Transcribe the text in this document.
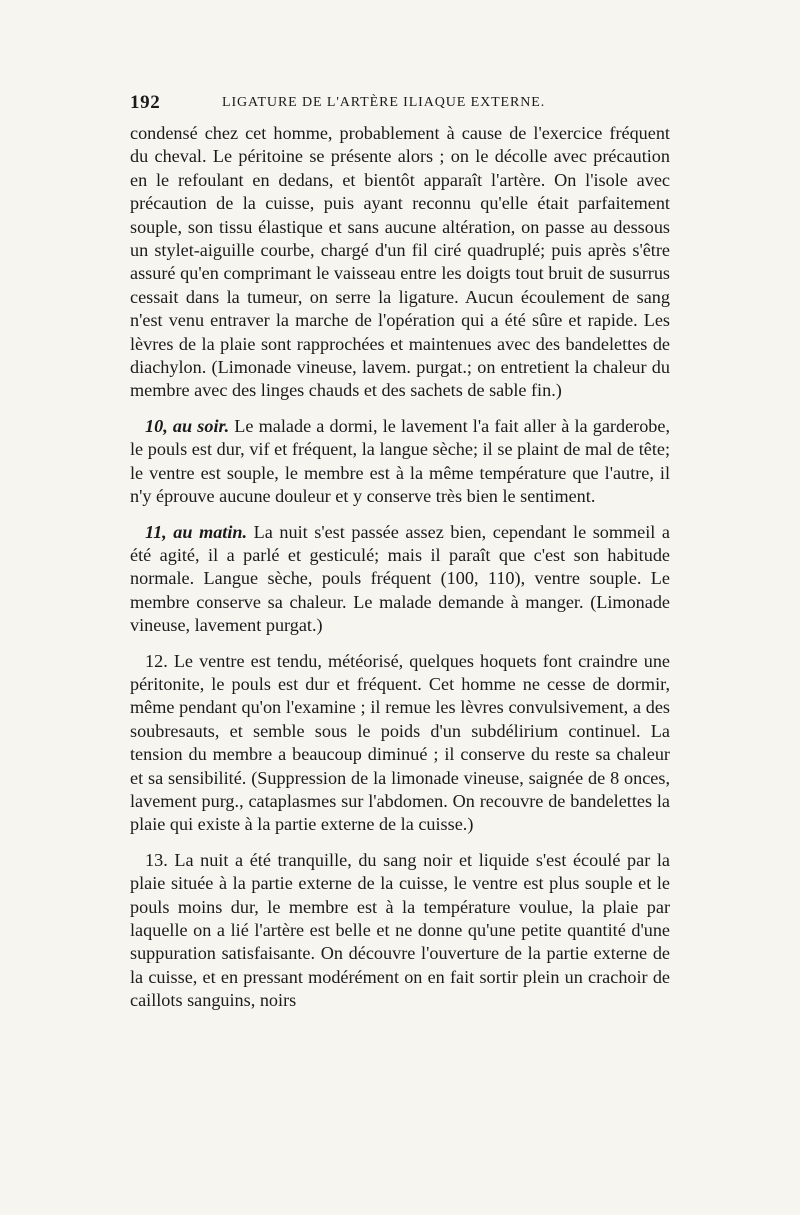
192	LIGATURE DE L'ARTÈRE ILIAQUE EXTERNE.

condensé chez cet homme, probablement à cause de l'exercice fréquent du cheval. Le péritoine se présente alors ; on le décolle avec précaution en le refoulant en dedans, et bientôt apparaît l'artère. On l'isole avec précaution de la cuisse, puis ayant reconnu qu'elle était parfaitement souple, son tissu élastique et sans aucune altération, on passe au dessous un stylet-aiguille courbe, chargé d'un fil ciré quadruplé; puis après s'être assuré qu'en comprimant le vaisseau entre les doigts tout bruit de susurrus cessait dans la tumeur, on serre la ligature. Aucun écoulement de sang n'est venu entraver la marche de l'opération qui a été sûre et rapide. Les lèvres de la plaie sont rapprochées et maintenues avec des bandelettes de diachylon. (Limonade vineuse, lavem. purgat.; on entretient la chaleur du membre avec des linges chauds et des sachets de sable fin.)

10, au soir. Le malade a dormi, le lavement l'a fait aller à la garderobe, le pouls est dur, vif et fréquent, la langue sèche; il se plaint de mal de tête; le ventre est souple, le membre est à la même température que l'autre, il n'y éprouve aucune douleur et y conserve très bien le sentiment.

11, au matin. La nuit s'est passée assez bien, cependant le sommeil a été agité, il a parlé et gesticulé; mais il paraît que c'est son habitude normale. Langue sèche, pouls fréquent (100, 110), ventre souple. Le membre conserve sa chaleur. Le malade demande à manger. (Limonade vineuse, lavement purgat.)

12. Le ventre est tendu, météorisé, quelques hoquets font craindre une péritonite, le pouls est dur et fréquent. Cet homme ne cesse de dormir, même pendant qu'on l'examine ; il remue les lèvres convulsivement, a des soubresauts, et semble sous le poids d'un subdélirium continuel. La tension du membre a beaucoup diminué ; il conserve du reste sa chaleur et sa sensibilité. (Suppression de la limonade vineuse, saignée de 8 onces, lavement purg., cataplasmes sur l'abdomen. On recouvre de bandelettes la plaie qui existe à la partie externe de la cuisse.)

13. La nuit a été tranquille, du sang noir et liquide s'est écoulé par la plaie située à la partie externe de la cuisse, le ventre est plus souple et le pouls moins dur, le membre est à la température voulue, la plaie par laquelle on a lié l'artère est belle et ne donne qu'une petite quantité d'une suppuration satisfaisante. On découvre l'ouverture de la partie externe de la cuisse, et en pressant modérément on en fait sortir plein un crachoir de caillots sanguins, noirs
